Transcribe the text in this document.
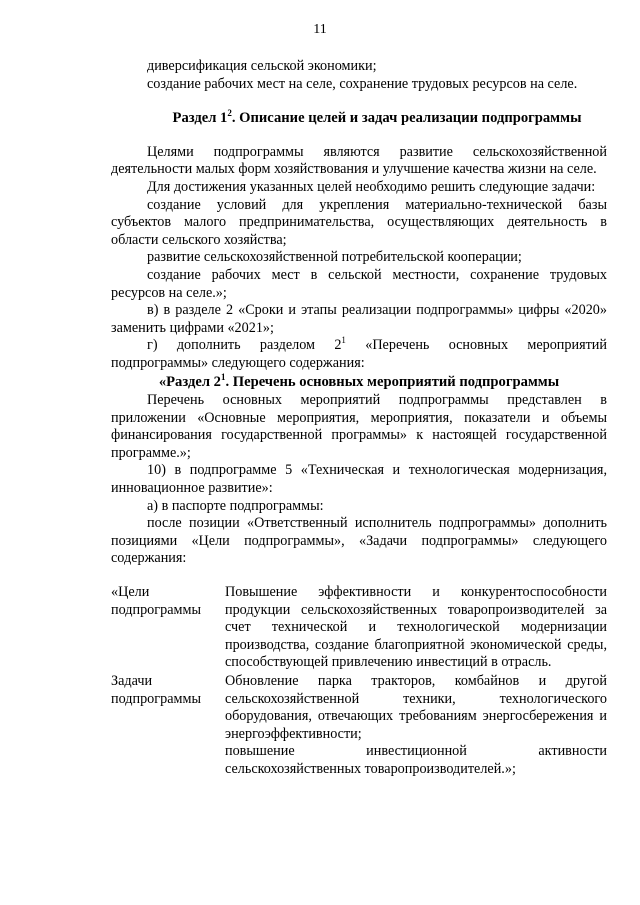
11

диверсификация сельской экономики;

создание рабочих мест на селе, сохранение трудовых ресурсов на селе.

Раздел $1^2$. Описание целей и задач реализации подпрограммы

Целями подпрограммы являются развитие сельскохозяйственной деятельности малых форм хозяйствования и улучшение качества жизни на селе.

Для достижения указанных целей необходимо решить следующие задачи:

создание условий для укрепления материально-технической базы субъектов малого предпринимательства, осуществляющих деятельность в области сельского хозяйства;

развитие сельскохозяйственной потребительской кооперации;

создание рабочих мест в сельской местности, сохранение трудовых ресурсов на селе.»;

в) в разделе 2 «Сроки и этапы реализации подпрограммы» цифры «2020» заменить цифрами «2021»;

г) дополнить разделом $2^1$ «Перечень основных мероприятий подпрограммы» следующего содержания:

«Раздел $2^1$. Перечень основных мероприятий подпрограммы

Перечень основных мероприятий подпрограммы представлен в приложении «Основные мероприятия, мероприятия, показатели и объемы финансирования государственной программы» к настоящей государственной программе.»;

10) в подпрограмме 5 «Техническая и технологическая модернизация, инновационное развитие»:

а) в паспорте подпрограммы:

после позиции «Ответственный исполнитель подпрограммы» дополнить позициями «Цели подпрограммы», «Задачи подпрограммы» следующего содержания:

«Цели подпрограммы

Повышение эффективности и конкурентоспособности продукции сельскохозяйственных товаропроизводителей за счет технической и технологической модернизации производства, создание благоприятной экономической среды, способствующей привлечению инвестиций в отрасль.

Задачи подпрограммы

Обновление парка тракторов, комбайнов и другой сельскохозяйственной техники, технологического оборудования, отвечающих требованиям энергосбережения и энергоэффективности;

повышение инвестиционной активности сельскохозяйственных товаропроизводителей.»;
